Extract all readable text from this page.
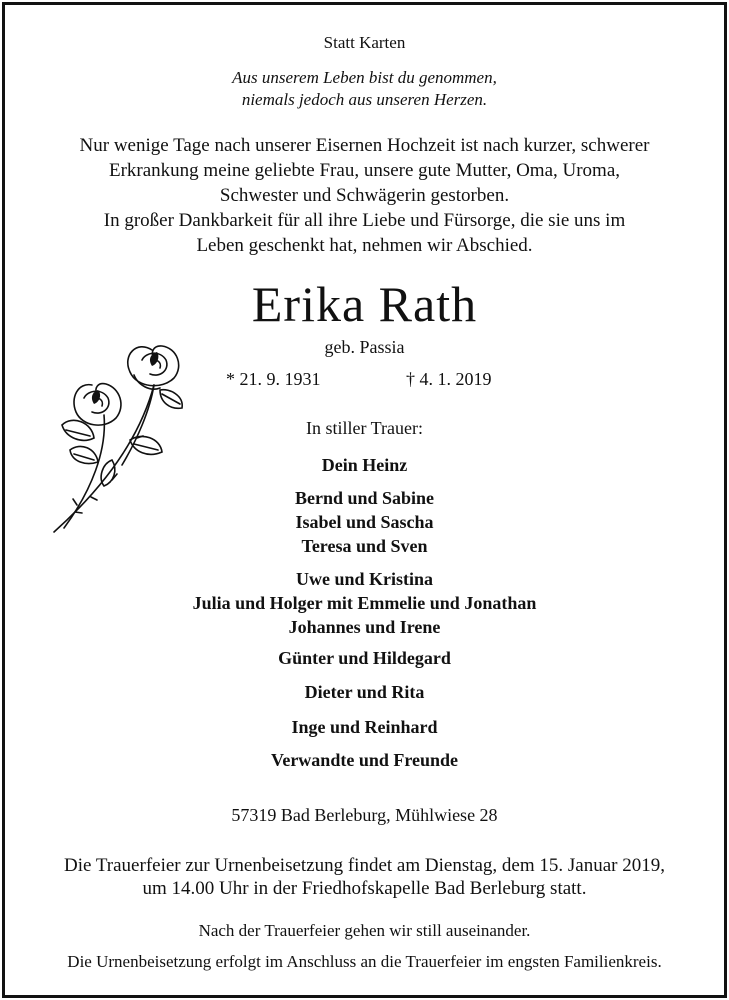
Statt Karten
Aus unserem Leben bist du genommen,
niemals jedoch aus unseren Herzen.
Nur wenige Tage nach unserer Eisernen Hochzeit ist nach kurzer, schwerer
Erkrankung meine geliebte Frau, unsere gute Mutter, Oma, Uroma,
Schwester und Schwägerin gestorben.
In großer Dankbarkeit für all ihre Liebe und Fürsorge, die sie uns im
Leben geschenkt hat, nehmen wir Abschied.
Erika Rath
geb. Passia
* 21. 9. 1931	† 4. 1. 2019
In stiller Trauer:
Dein Heinz
Bernd und Sabine
Isabel und Sascha
Teresa und Sven
Uwe und Kristina
Julia und Holger mit Emmelie und Jonathan
Johannes und Irene
Günter und Hildegard
Dieter und Rita
Inge und Reinhard
Verwandte und Freunde
57319 Bad Berleburg, Mühlwiese 28
Die Trauerfeier zur Urnenbeisetzung findet am Dienstag, dem 15. Januar 2019,
um 14.00 Uhr in der Friedhofskapelle Bad Berleburg statt.
Nach der Trauerfeier gehen wir still auseinander.
Die Urnenbeisetzung erfolgt im Anschluss an die Trauerfeier im engsten Familienkreis.
